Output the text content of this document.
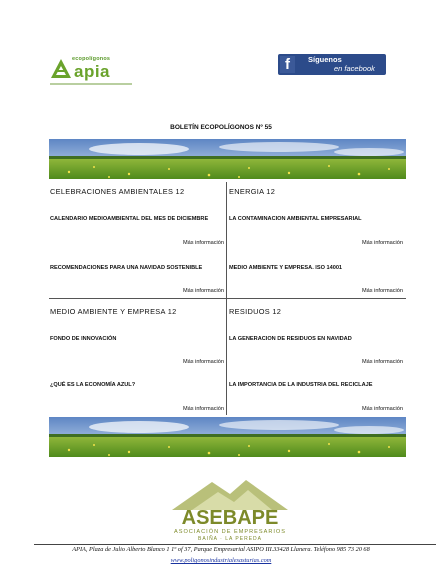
ecopolígonos
apia	f	Síguenos
en facebook
BOLETÍN ECOPOLÍGONOS Nº 55
CELEBRACIONES AMBIENTALES 12
CALENDARIO MEDIOAMBIENTAL DEL MES DE DICIEMBRE
Más información
RECOMENDACIONES PARA UNA NAVIDAD SOSTENIBLE
Más información
ENERGIA 12
LA CONTAMINACION AMBIENTAL EMPRESARIAL
Más información
MEDIO AMBIENTE Y EMPRESA. ISO 14001
Más información
MEDIO AMBIENTE Y EMPRESA 12
FONDO DE INNOVACIÓN
Más información
¿QUÉ ES LA ECONOMÍA AZUL?
Más información
RESIDUOS 12
LA GENERACION DE RESIDUOS EN NAVIDAD
Más información
LA IMPORTANCIA DE LA INDUSTRIA DEL RECICLAJE
Más información
ASEBAPE
ASOCIACIÓN DE EMPRESARIOS
BAIÑA · LA PEREDA
APIA, Plaza de Julio Alberto Blanco 1 1º of 37, Parque Empresarial ASIPO III.33428 Llanera. Teléfono 985 73 20 68
www.poligonosindustrialesasturias.com
